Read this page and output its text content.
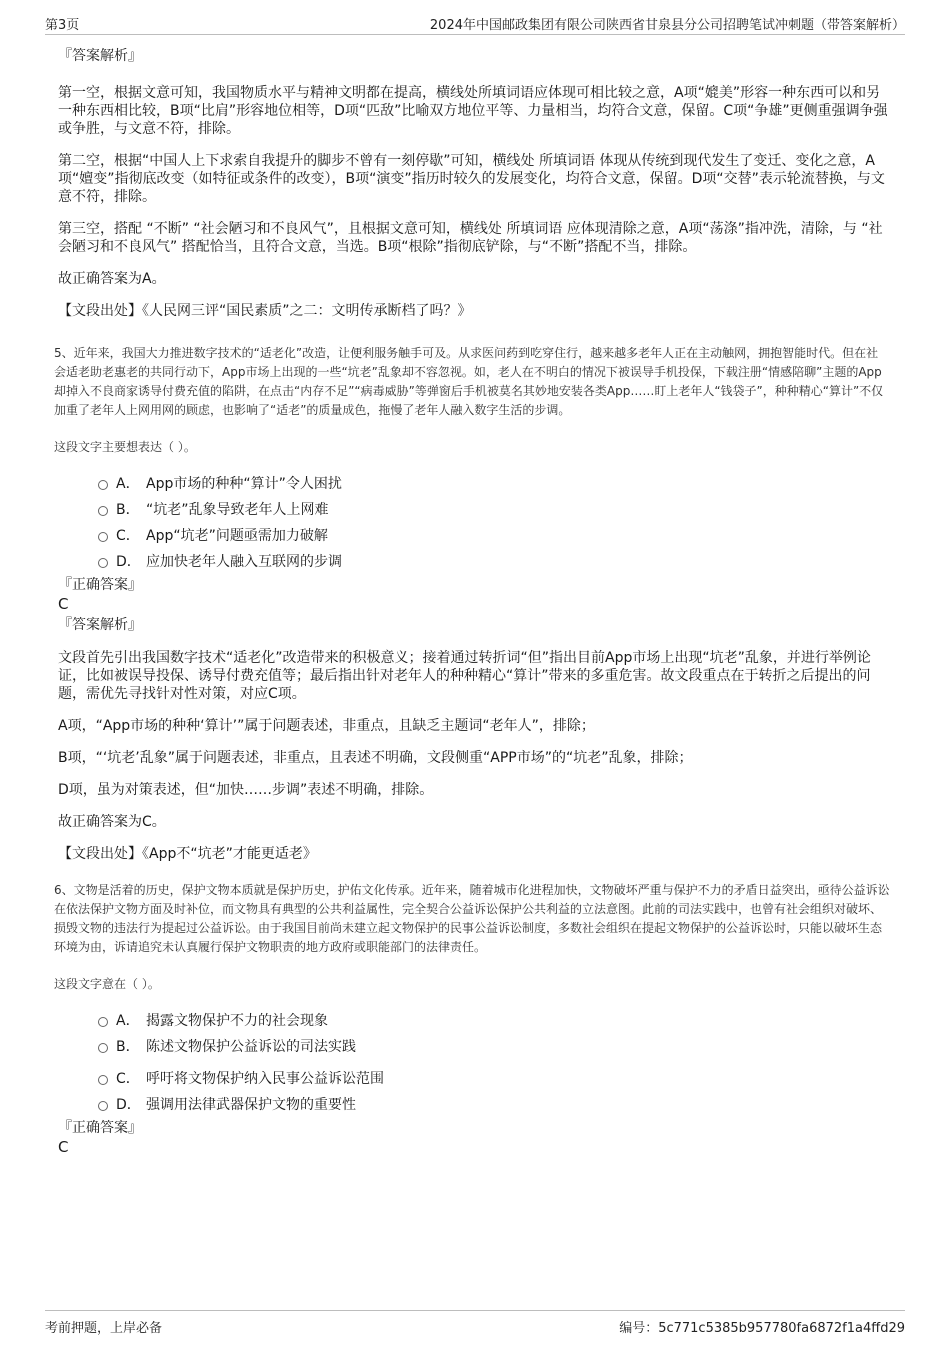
第3页	2024年中国邮政集团有限公司陕西省甘泉县分公司招聘笔试冲刺题（带答案解析）

『答案解析』

第一空，根据文意可知，我国物质水平与精神文明都在提高，横线处所填词语应体现可相比较之意，A项“媲美”形容一种东西可以和另一种东西相比较，B项“比肩”形容地位相等，D项“匹敌”比喻双方地位平等、力量相当，均符合文意，保留。C项“争雄”更侧重强调争强或争胜，与文意不符，排除。

第二空，根据“中国人上下求索自我提升的脚步不曾有一刻停歇”可知，横线处 所填词语 体现从传统到现代发生了变迁、变化之意，A项“嬗变”指彻底改变（如特征或条件的改变），B项“演变”指历时较久的发展变化，均符合文意，保留。D项“交替”表示轮流替换，与文意不符，排除。

第三空，搭配 “不断” “社会陋习和不良风气”，且根据文意可知，横线处 所填词语 应体现清除之意，A项“荡涤”指冲洗，清除，与 “社会陋习和不良风气” 搭配恰当，且符合文意，当选。B项“根除”指彻底铲除，与“不断”搭配不当，排除。

故正确答案为A。

【文段出处】《人民网三评“国民素质”之二：文明传承断档了吗？》

5、近年来，我国大力推进数字技术的“适老化”改造，让便利服务触手可及。从求医问药到吃穿住行，越来越多老年人正在主动触网，拥抱智能时代。但在社会适老助老惠老的共同行动下，App市场上出现的一些“坑老”乱象却不容忽视。如，老人在不明白的情况下被误导手机投保，下载注册“情感陪聊”主题的App却掉入不良商家诱导付费充值的陷阱，在点击“内存不足”“病毒威胁”等弹窗后手机被莫名其妙地安装各类App……盯上老年人“钱袋子”，种种精心“算计”不仅加重了老年人上网用网的顾虑，也影响了“适老”的质量成色，拖慢了老年人融入数字生活的步调。

这段文字主要想表达（ ）。

A． App市场的种种“算计”令人困扰
B． “坑老”乱象导致老年人上网难
C． App“坑老”问题亟需加力破解
D． 应加快老年人融入互联网的步调

『正确答案』

C

『答案解析』

文段首先引出我国数字技术“适老化”改造带来的积极意义；接着通过转折词“但”指出目前App市场上出现“坑老”乱象，并进行举例论证，比如被误导投保、诱导付费充值等；最后指出针对老年人的种种精心“算计”带来的多重危害。故文段重点在于转折之后提出的问题，需优先寻找针对性对策，对应C项。

A项，“App市场的种种‘算计’”属于问题表述，非重点，且缺乏主题词“老年人”，排除；

B项，“‘坑老’乱象”属于问题表述，非重点，且表述不明确，文段侧重“APP市场”的“坑老”乱象，排除；

D项，虽为对策表述，但“加快……步调”表述不明确，排除。

故正确答案为C。

【文段出处】《App不“坑老”才能更适老》

6、文物是活着的历史，保护文物本质就是保护历史，护佑文化传承。近年来，随着城市化进程加快，文物破坏严重与保护不力的矛盾日益突出，亟待公益诉讼在依法保护文物方面及时补位，而文物具有典型的公共利益属性，完全契合公益诉讼保护公共利益的立法意图。此前的司法实践中，也曾有社会组织对破坏、损毁文物的违法行为提起过公益诉讼。由于我国目前尚未建立起文物保护的民事公益诉讼制度，多数社会组织在提起文物保护的公益诉讼时，只能以破坏生态环境为由，诉请追究未认真履行保护文物职责的地方政府或职能部门的法律责任。

这段文字意在（ ）。

A． 揭露文物保护不力的社会现象
B． 陈述文物保护公益诉讼的司法实践
C． 呼吁将文物保护纳入民事公益诉讼范围
D． 强调用法律武器保护文物的重要性

『正确答案』

C

考前押题，上岸必备	编号：5c771c5385b957780fa6872f1a4ffd29
